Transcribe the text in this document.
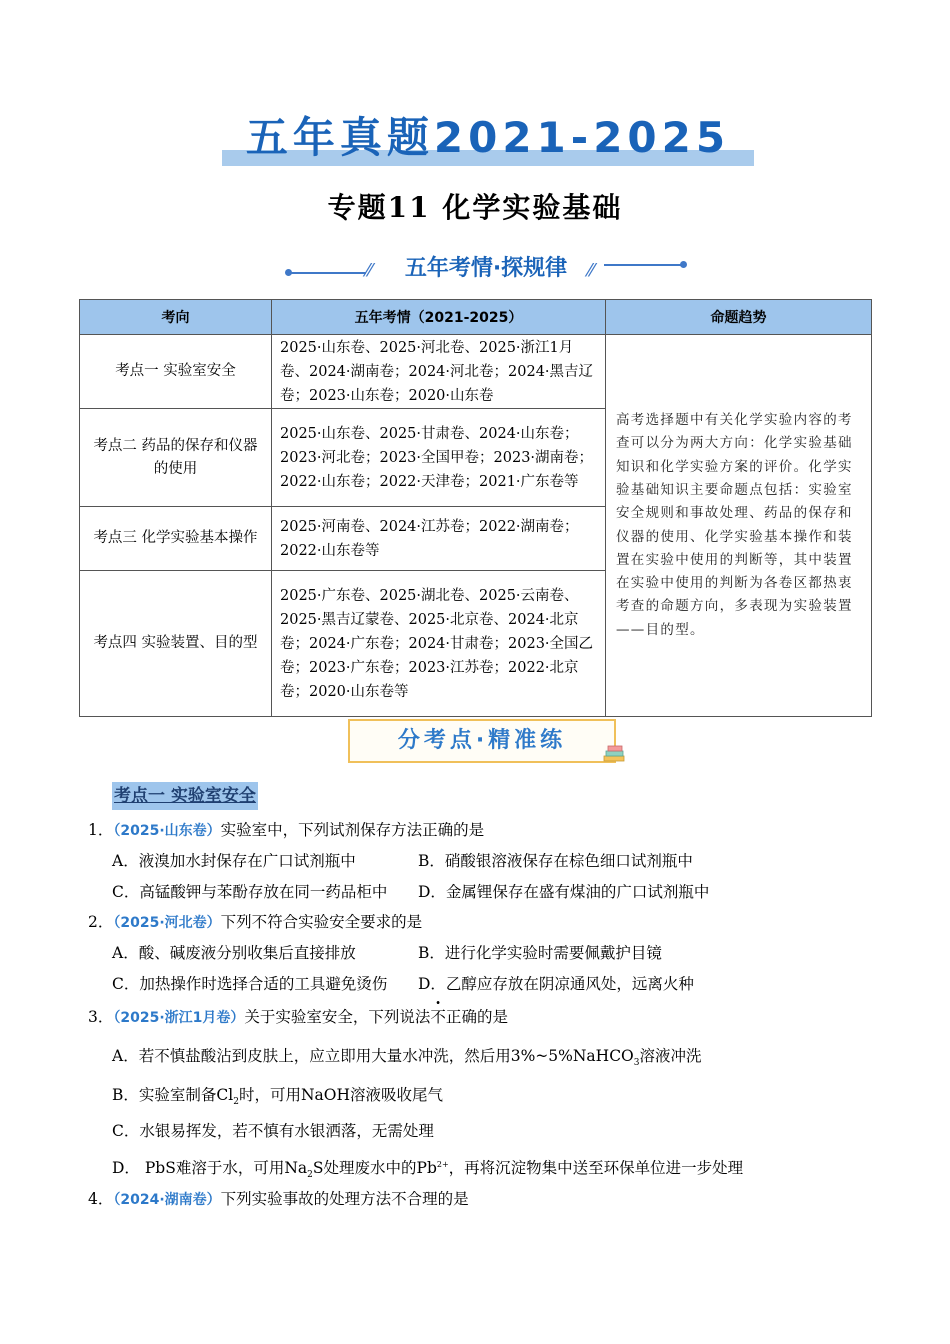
五年真题2021-2025
专题11 化学实验基础
⁄⁄	五年考情·探规律	⁄⁄
考向	五年考情（2021-2025）	命题趋势
考点一 实验室安全	2025·山东卷、2025·河北卷、2025·浙江1月卷、2024·湖南卷；2024·河北卷；2024·黑吉辽卷；2023·山东卷；2020·山东卷	高考选择题中有关化学实验内容的考查可以分为两大方向：化学实验基础知识和化学实验方案的评价。化学实验基础知识主要命题点包括：实验室安全规则和事故处理、药品的保存和仪器的使用、化学实验基本操作和装置在实验中使用的判断等，其中装置在实验中使用的判断为各卷区都热衷考查的命题方向，多表现为实验装置——目的型。
考点二 药品的保存和仪器的使用	2025·山东卷、2025·甘肃卷、2024·山东卷；2023·河北卷；2023·全国甲卷；2023·湖南卷；2022·山东卷；2022·天津卷；2021·广东卷等	
考点三 化学实验基本操作	2025·河南卷、2024·江苏卷；2022·湖南卷；2022·山东卷等	
考点四 实验装置、目的型	2025·广东卷、2025·湖北卷、2025·云南卷、2025·黑吉辽蒙卷、2025·北京卷、2024·北京卷；2024·广东卷；2024·甘肃卷；2023·全国乙卷；2023·广东卷；2023·江苏卷；2022·北京卷；2020·山东卷等	
分考点·精准练
考点一 实验室安全
1．（2025·山东卷）实验室中，下列试剂保存方法正确的是
A．液溴加水封保存在广口试剂瓶中	B．硝酸银溶液保存在棕色细口试剂瓶中
C．高锰酸钾与苯酚存放在同一药品柜中 D．金属锂保存在盛有煤油的广口试剂瓶中
2．（2025·河北卷）下列不符合实验安全要求的是
A．酸、碱废液分别收集后直接排放	B．进行化学实验时需要佩戴护目镜
C．加热操作时选择合适的工具避免烫伤 D．乙醇应存放在阴凉通风处，远离火种
3．（2025·浙江1月卷）关于实验室安全，下列说法不正确的是
A．若不慎盐酸沾到皮肤上，应立即用大量水冲洗，然后用3%~5%NaHCO$_3$溶液冲洗
B．实验室制备$Cl_2$时，可用NaOH溶液吸收尾气
C．水银易挥发，若不慎有水银洒落，无需处理
D． PbS难溶于水，可用$Na_2S$处理废水中的$Pb^{2+}$，再将沉淀物集中送至环保单位进一步处理
4．（2024·湖南卷）下列实验事故的处理方法不合理的是
